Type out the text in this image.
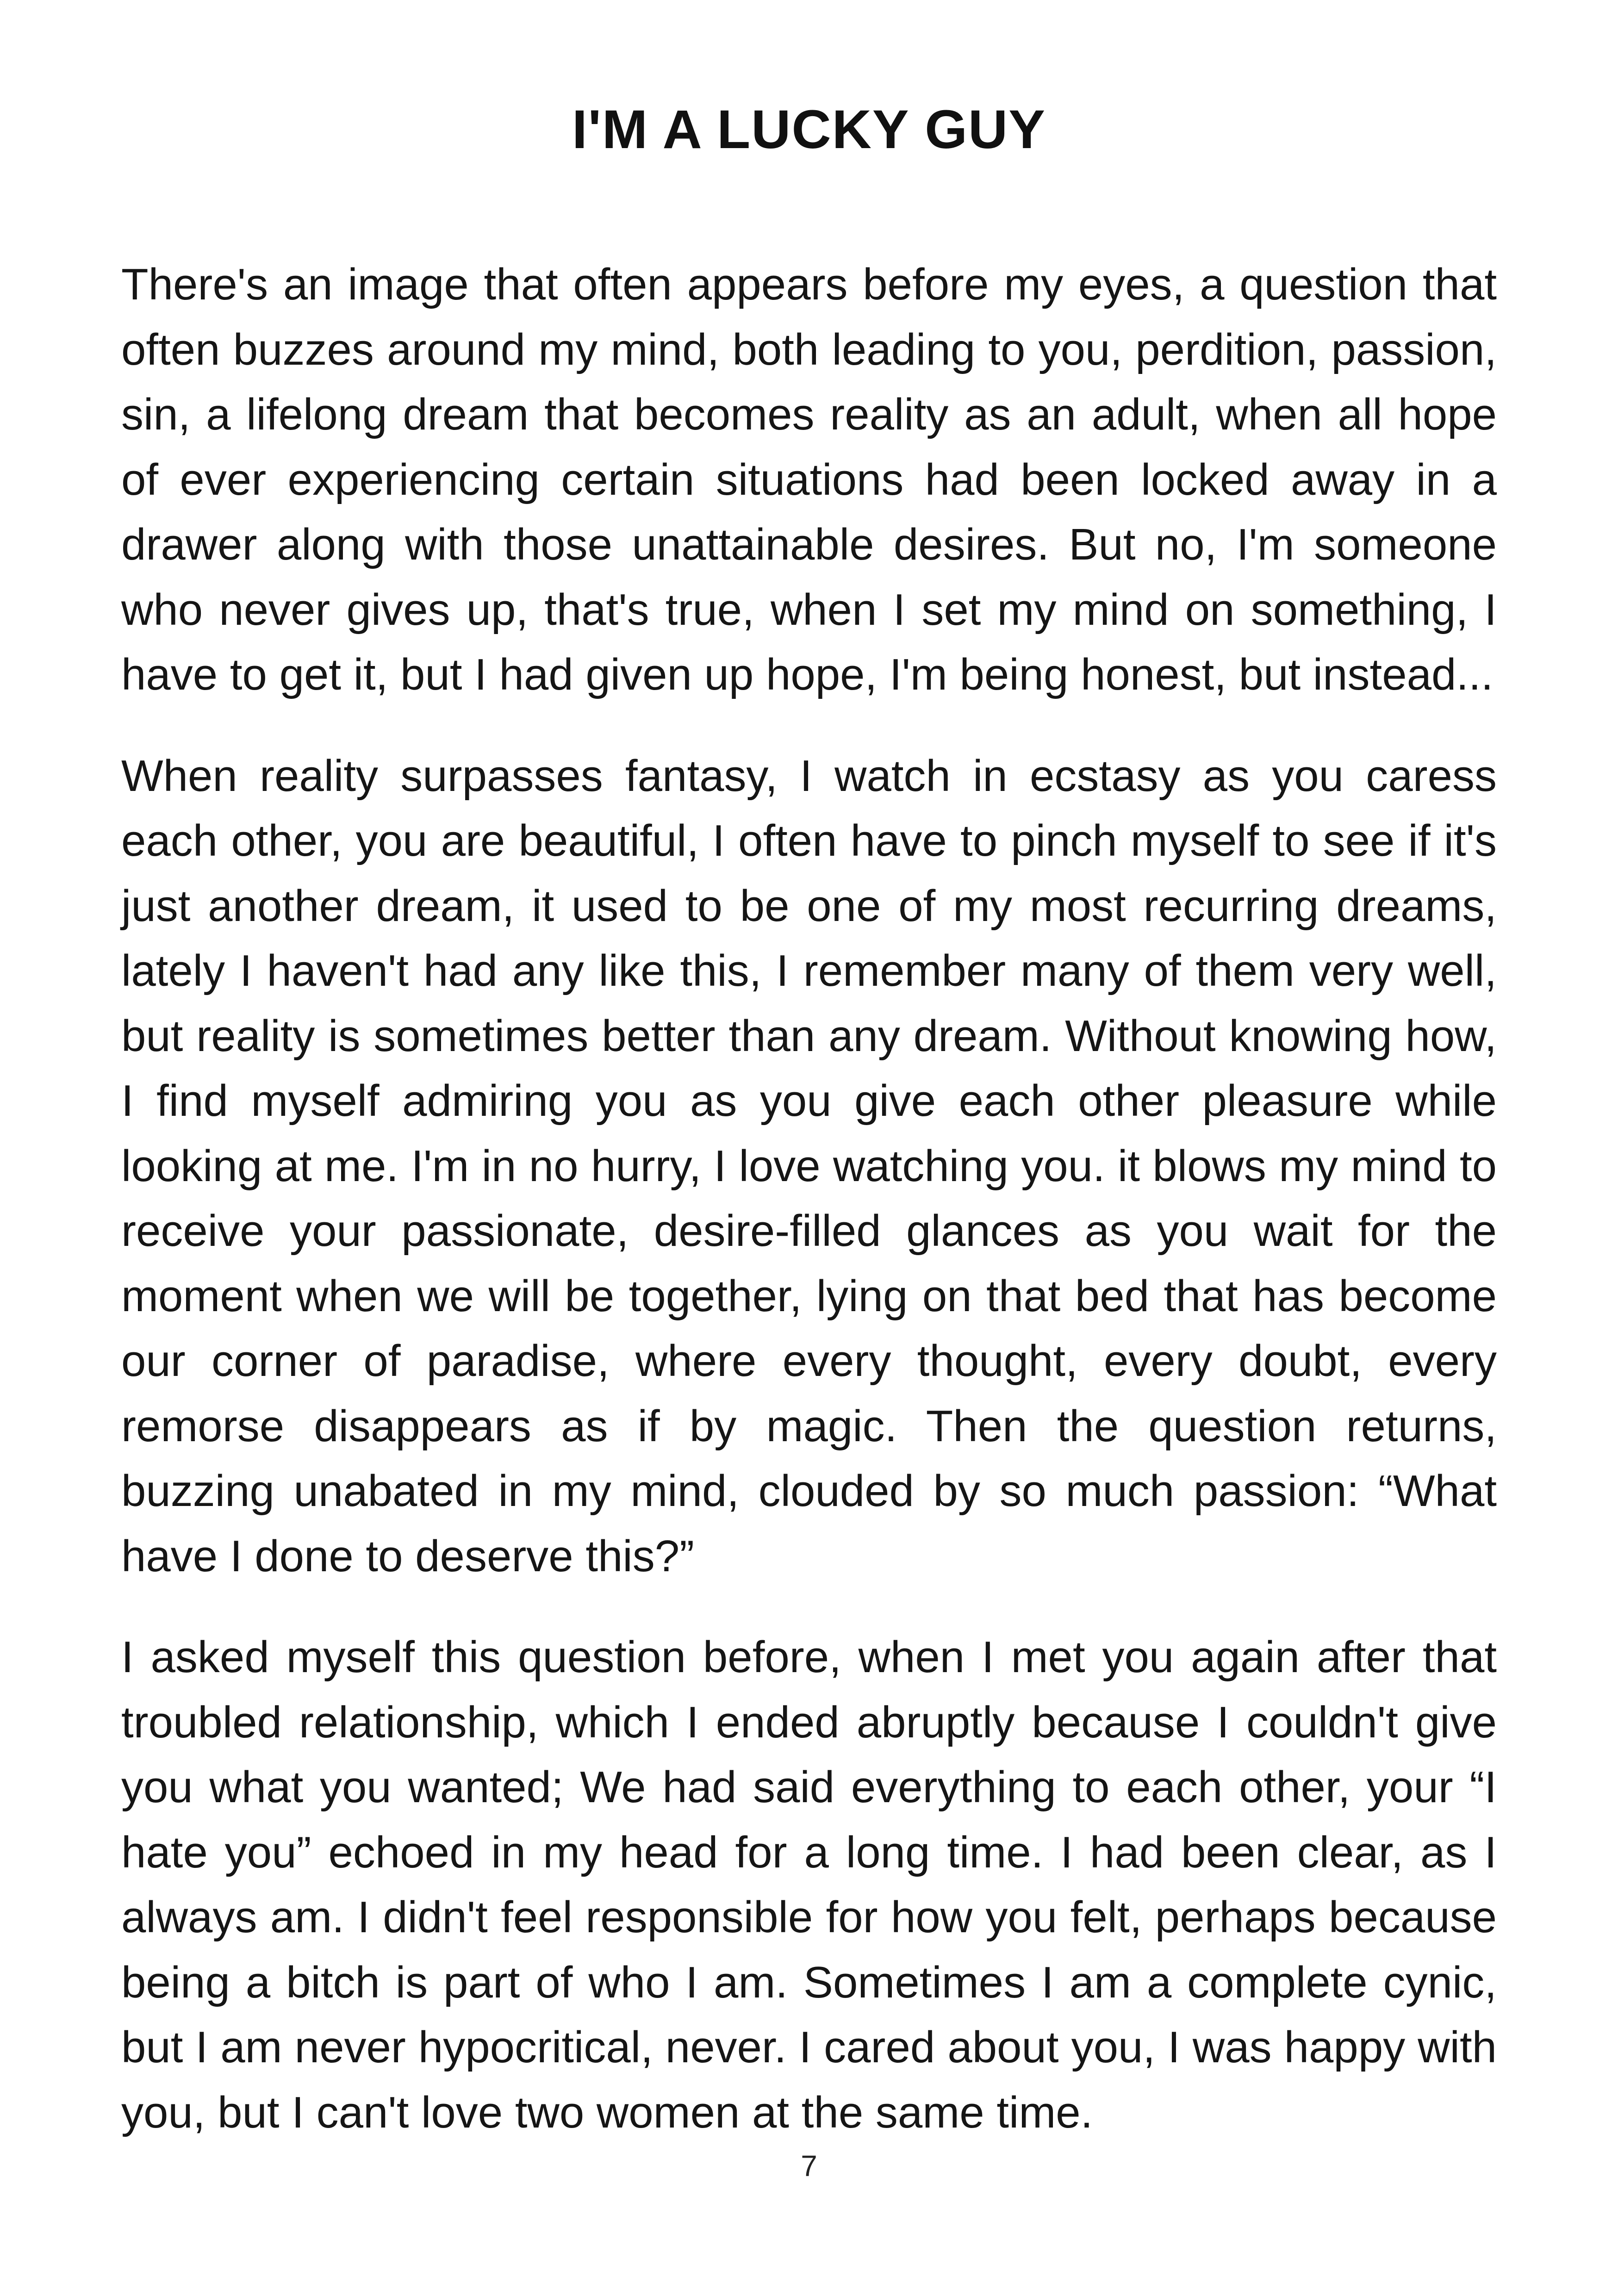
I'M A LUCKY GUY

There's an image that often appears before my eyes, a question that often buzzes around my mind, both leading to you, perdition, passion, sin, a lifelong dream that becomes reality as an adult, when all hope of ever experiencing certain situations had been locked away in a drawer along with those unattainable desires. But no, I'm someone who never gives up, that's true, when I set my mind on something, I have to get it, but I had given up hope, I'm being honest, but instead...

When reality surpasses fantasy, I watch in ecstasy as you caress each other, you are beautiful, I often have to pinch myself to see if it's just another dream, it used to be one of my most recurring dreams, lately I haven't had any like this, I remember many of them very well, but reality is sometimes better than any dream. Without knowing how, I find myself admiring you as you give each other pleasure while looking at me. I'm in no hurry, I love watching you. it blows my mind to receive your passionate, desire-filled glances as you wait for the moment when we will be together, lying on that bed that has become our corner of paradise, where every thought, every doubt, every remorse disappears as if by magic. Then the question returns, buzzing unabated in my mind, clouded by so much passion: “What have I done to deserve this?”

I asked myself this question before, when I met you again after that troubled relationship, which I ended abruptly because I couldn't give you what you wanted; We had said everything to each other, your “I hate you” echoed in my head for a long time. I had been clear, as I always am. I didn't feel responsible for how you felt, perhaps because being a bitch is part of who I am. Sometimes I am a complete cynic, but I am never hypocritical, never. I cared about you, I was happy with you, but I can't love two women at the same time.

7
